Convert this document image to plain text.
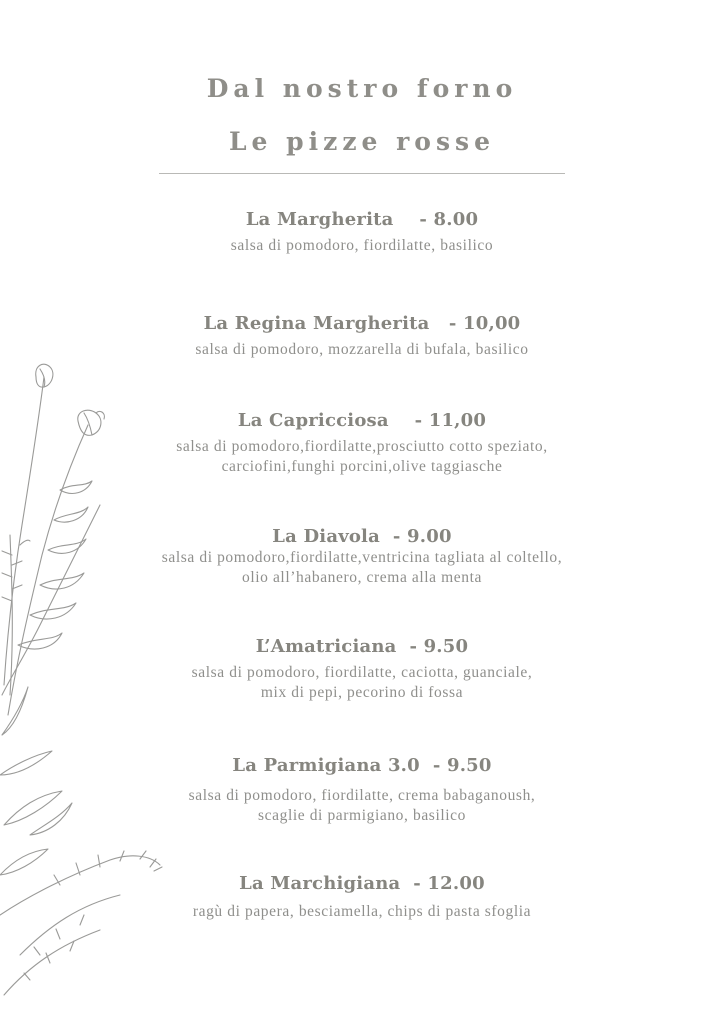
Dal nostro forno
Le pizze rosse
La Margherita - 8.00
salsa di pomodoro, fiordilatte, basilico
La Regina Margherita - 10,00
salsa di pomodoro, mozzarella di bufala, basilico
La Capricciosa - 11,00
salsa di pomodoro,fiordilatte,prosciutto cotto speziato,
carciofini,funghi porcini,olive taggiasche
La Diavola - 9.00
salsa di pomodoro,fiordilatte,ventricina tagliata al coltello,
olio all’habanero, crema alla menta
L’Amatriciana - 9.50
salsa di pomodoro, fiordilatte, caciotta, guanciale,
mix di pepi, pecorino di fossa
La Parmigiana 3.0 - 9.50
salsa di pomodoro, fiordilatte, crema babaganoush,
scaglie di parmigiano, basilico
La Marchigiana - 12.00
ragù di papera, besciamella, chips di pasta sfoglia
